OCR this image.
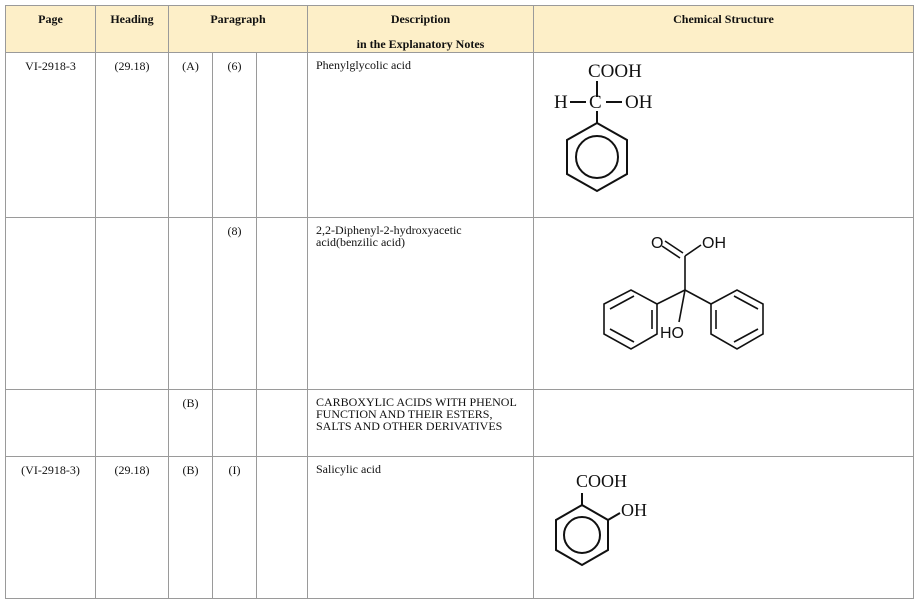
Page	Heading	Paragraph			Description
in the Explanatory Notes	Chemical Structure

VI-2918-3	(29.18)	(A)	(6)		Phenylglycolic acid	COOH
H C OH

			(8)		2,2-Diphenyl-2-hydroxyacetic acid(benzilic acid)	O OH
HO

		(B)			CARBOXYLIC ACIDS WITH PHENOL FUNCTION AND THEIR ESTERS, SALTS AND OTHER DERIVATIVES	
(VI-2918-3)	(29.18)	(B)	(I)		Salicylic acid	COOH
OH
